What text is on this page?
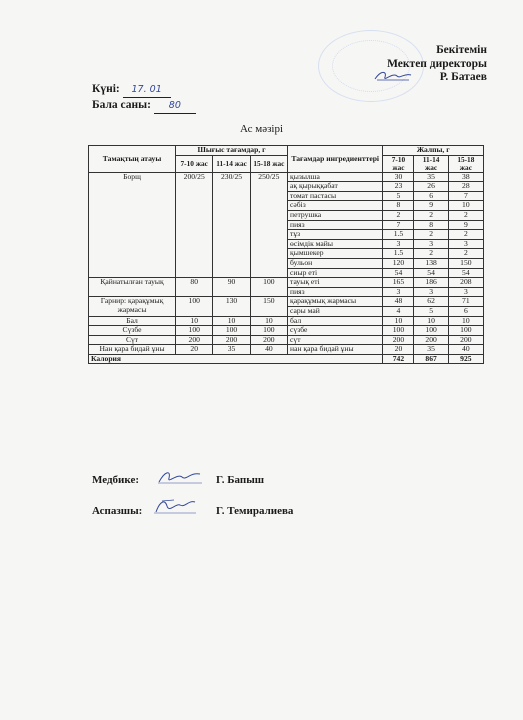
Бекітемін
Мектеп директоры
Р. Батаев
Күні: 17. 01
Бала саны: 80
Ас мәзірі
Тамақтың атауы	Шығыс тағамдар, г			Тағамдар ингредиенттері	Жалпы, г		
	7-10 жас	11-14 жас	15-18 жас		7-10 жас	11-14 жас	15-18 жас
Борщ	200/25	230/25	250/25	қызылша	30	35	38
				ақ қырыққабат	23	26	28
				томат пастасы	5	6	7
				сәбіз	8	9	10
				петрушка	2	2	2
				пияз	7	8	9
				тұз	1.5	2	2
				өсімдік майы	3	3	3
				қымшекер	1.5	2	2
				бульон	120	138	150
				сиыр еті	54	54	54
Қайнатылған тауық	80	90	100	тауық еті	165	186	208
				пияз	3	3	3
Гарнир: қарақұмық жармасы	100	130	150	қарақұмық жармасы	48	62	71
				сары май	4	5	6
Бал	10	10	10	бал	10	10	10
Сүзбе	100	100	100	сүзбе	100	100	100
Сүт	200	200	200	сүт	200	200	200
Нан қара бидай ұны	20	35	40	нан қара бидай ұны	20	35	40
Калория					742	867	925
Медбике:	Г. Бапыш
Аспазшы:	Г. Темиралиева
